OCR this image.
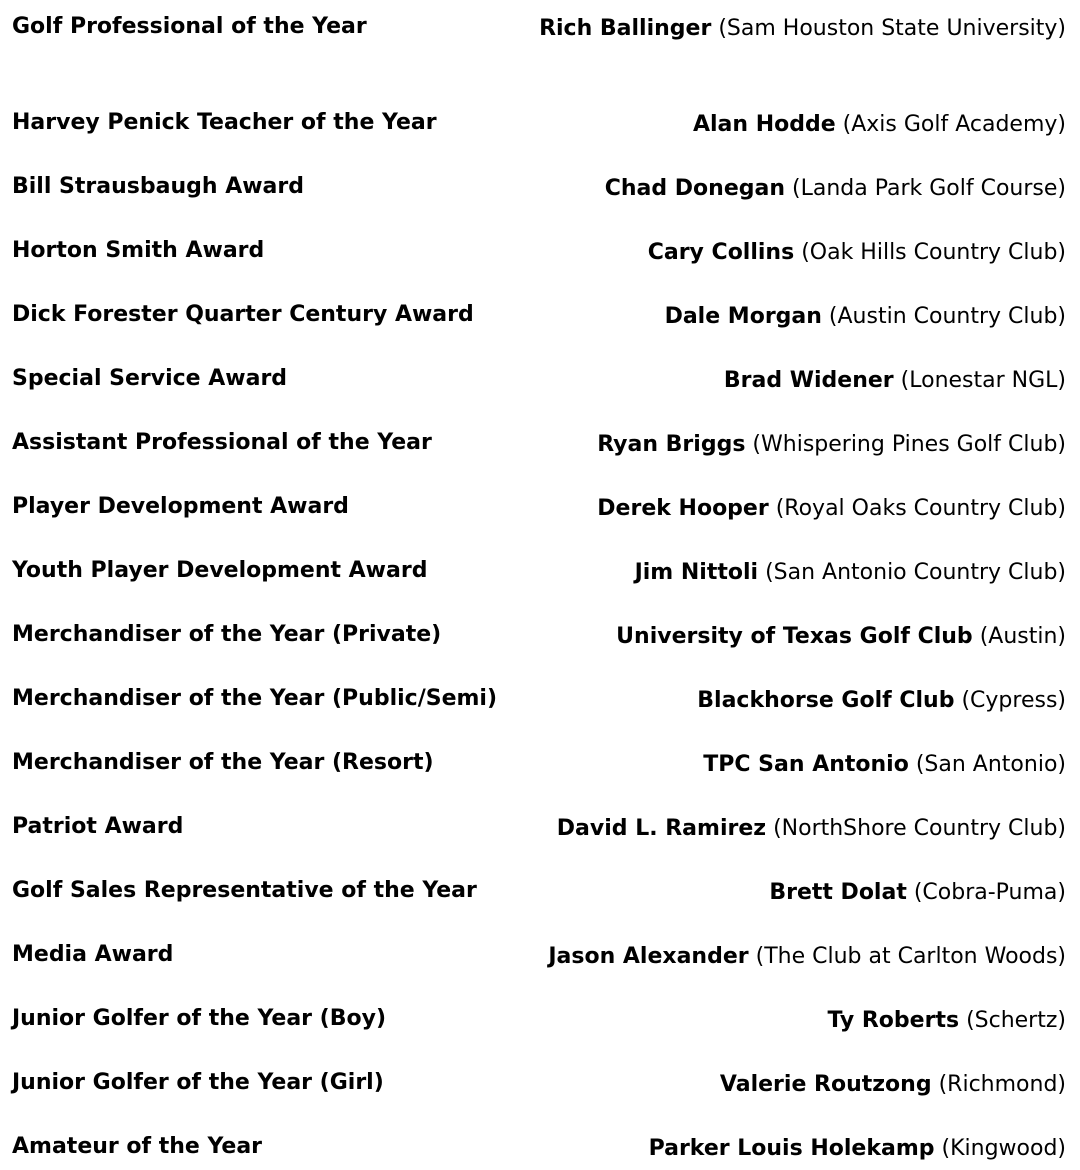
Golf Professional of the Year	Rich Ballinger (Sam Houston State University)
Harvey Penick Teacher of the Year	Alan Hodde (Axis Golf Academy)
Bill Strausbaugh Award	Chad Donegan (Landa Park Golf Course)
Horton Smith Award	Cary Collins (Oak Hills Country Club)
Dick Forester Quarter Century Award	Dale Morgan (Austin Country Club)
Special Service Award	Brad Widener (Lonestar NGL)
Assistant Professional of the Year	Ryan Briggs (Whispering Pines Golf Club)
Player Development Award	Derek Hooper (Royal Oaks Country Club)
Youth Player Development Award	Jim Nittoli (San Antonio Country Club)
Merchandiser of the Year (Private)	University of Texas Golf Club (Austin)
Merchandiser of the Year (Public/Semi)	Blackhorse Golf Club (Cypress)
Merchandiser of the Year (Resort)	TPC San Antonio (San Antonio)
Patriot Award	David L. Ramirez (NorthShore Country Club)
Golf Sales Representative of the Year	Brett Dolat (Cobra-Puma)
Media Award	Jason Alexander (The Club at Carlton Woods)
Junior Golfer of the Year (Boy)	Ty Roberts (Schertz)
Junior Golfer of the Year (Girl)	Valerie Routzong (Richmond)
Amateur of the Year	Parker Louis Holekamp (Kingwood)
